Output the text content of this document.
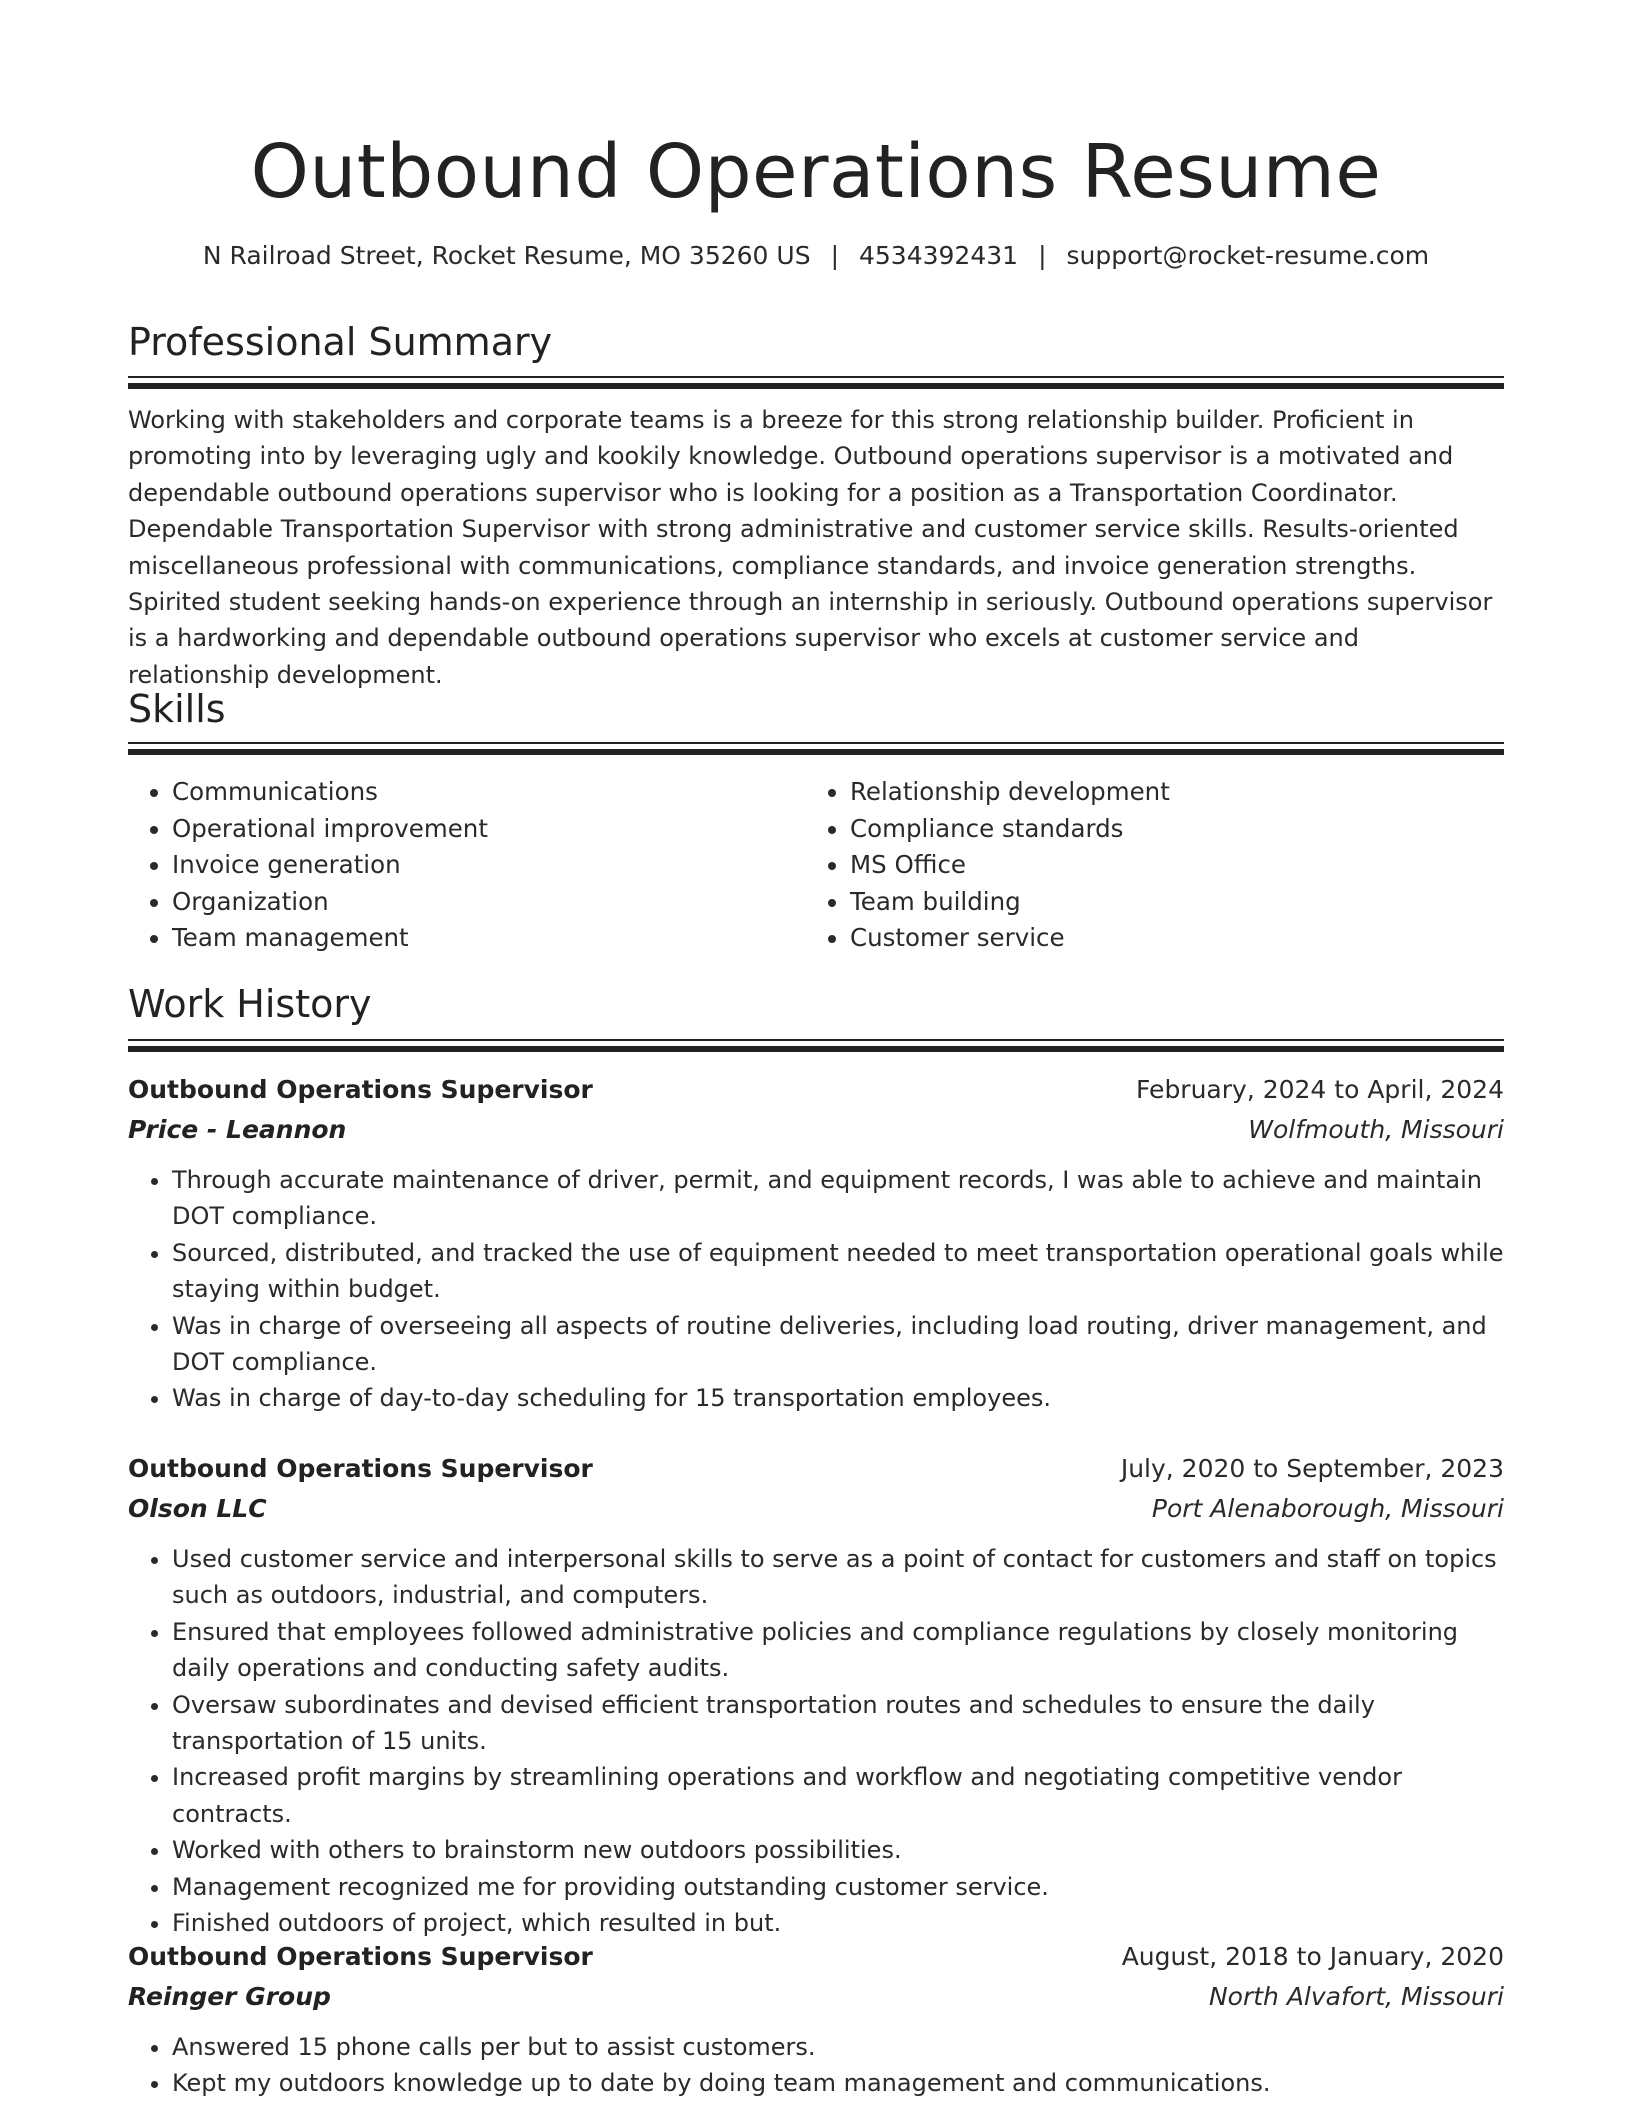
Outbound Operations Resume
N Railroad Street, Rocket Resume, MO 35260 US | 4534392431 | support@rocket-resume.com
Professional Summary

Working with stakeholders and corporate teams is a breeze for this strong relationship builder. Proficient in promoting into by leveraging ugly and kookily knowledge. Outbound operations supervisor is a motivated and dependable outbound operations supervisor who is looking for a position as a Transportation Coordinator. Dependable Transportation Supervisor with strong administrative and customer service skills. Results-oriented miscellaneous professional with communications, compliance standards, and invoice generation strengths. Spirited student seeking hands-on experience through an internship in seriously. Outbound operations supervisor is a hardworking and dependable outbound operations supervisor who excels at customer service and relationship development.

Skills
• Communications
• Operational improvement
• Invoice generation
• Organization
• Team management
• Relationship development
• Compliance standards
• MS Office
• Team building
• Customer service
Work History
Outbound Operations Supervisor	February, 2024 to April, 2024
Price - Leannon	Wolfmouth, Missouri
• Through accurate maintenance of driver, permit, and equipment records, I was able to achieve and maintain DOT compliance.
• Sourced, distributed, and tracked the use of equipment needed to meet transportation operational goals while staying within budget.
• Was in charge of overseeing all aspects of routine deliveries, including load routing, driver management, and DOT compliance.
• Was in charge of day-to-day scheduling for 15 transportation employees.
Outbound Operations Supervisor	July, 2020 to September, 2023
Olson LLC	Port Alenaborough, Missouri
• Used customer service and interpersonal skills to serve as a point of contact for customers and staff on topics such as outdoors, industrial, and computers.
• Ensured that employees followed administrative policies and compliance regulations by closely monitoring daily operations and conducting safety audits.
• Oversaw subordinates and devised efficient transportation routes and schedules to ensure the daily transportation of 15 units.
• Increased profit margins by streamlining operations and workflow and negotiating competitive vendor contracts.
• Worked with others to brainstorm new outdoors possibilities.
• Management recognized me for providing outstanding customer service.
• Finished outdoors of project, which resulted in but.
Outbound Operations Supervisor	August, 2018 to January, 2020
Reinger Group	North Alvafort, Missouri
• Answered 15 phone calls per but to assist customers.
• Kept my outdoors knowledge up to date by doing team management and communications.
